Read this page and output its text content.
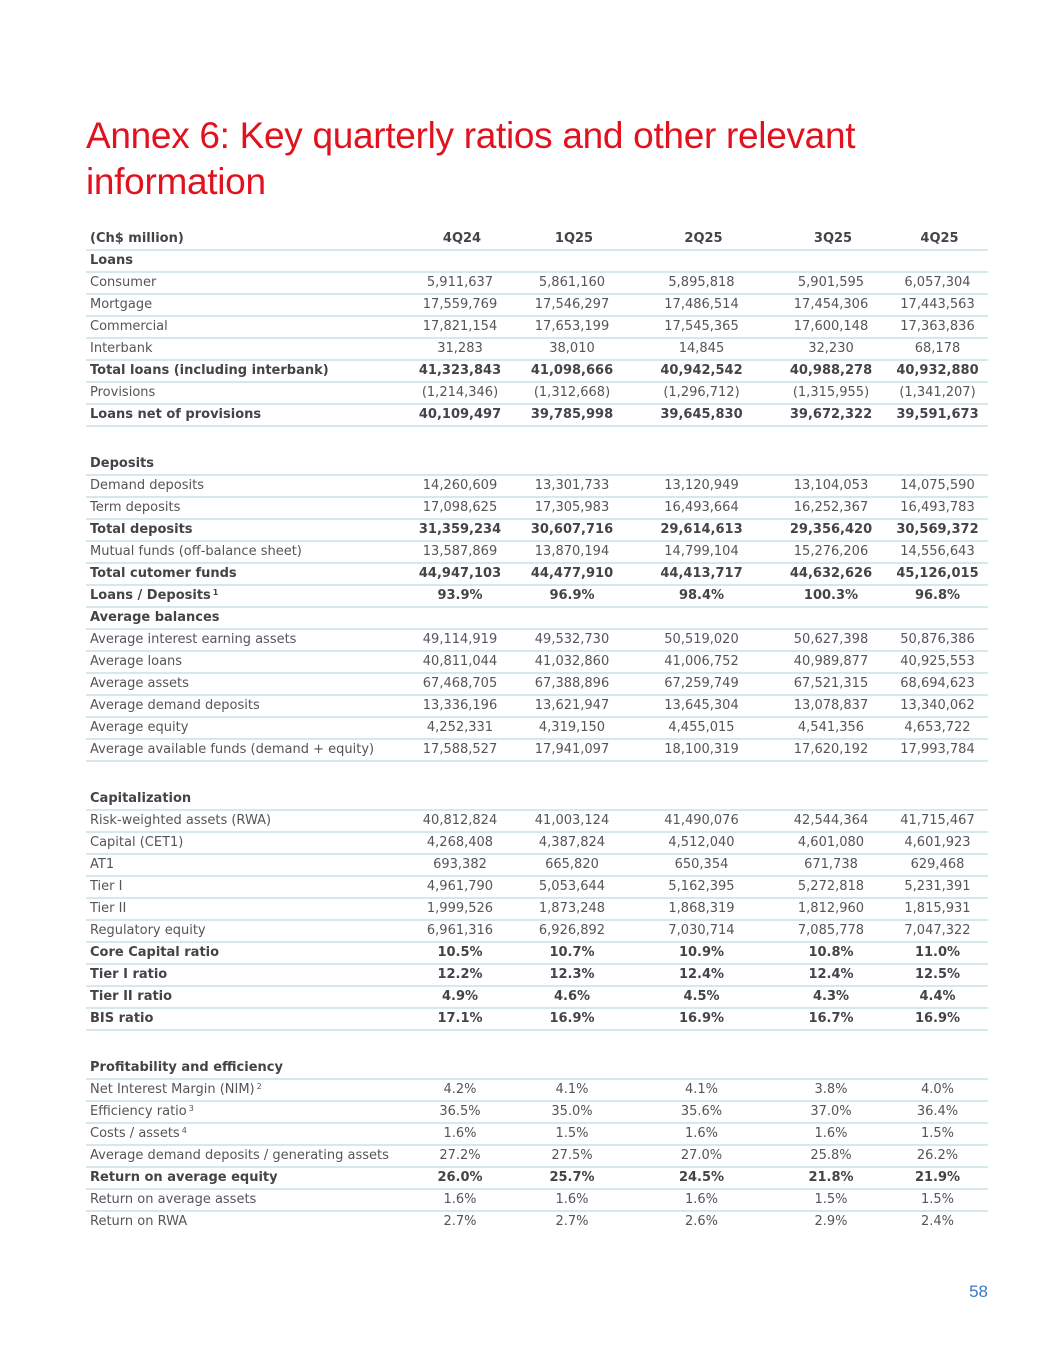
Annex 6: Key quarterly ratios and other relevant information
(Ch$ million)	4Q24	1Q25	2Q25	3Q25	4Q25
Loans					
Consumer	5,911,637	5,861,160	5,895,818	5,901,595	6,057,304
Mortgage	17,559,769	17,546,297	17,486,514	17,454,306	17,443,563
Commercial	17,821,154	17,653,199	17,545,365	17,600,148	17,363,836
Interbank	31,283	38,010	14,845	32,230	68,178
Total loans (including interbank)	41,323,843	41,098,666	40,942,542	40,988,278	40,932,880
Provisions	(1,214,346)	(1,312,668)	(1,296,712)	(1,315,955)	(1,341,207)
Loans net of provisions	40,109,497	39,785,998	39,645,830	39,672,322	39,591,673

Deposits					
Demand deposits	14,260,609	13,301,733	13,120,949	13,104,053	14,075,590
Term deposits	17,098,625	17,305,983	16,493,664	16,252,367	16,493,783
Total deposits	31,359,234	30,607,716	29,614,613	29,356,420	30,569,372
Mutual funds (off-balance sheet)	13,587,869	13,870,194	14,799,104	15,276,206	14,556,643
Total cutomer funds	44,947,103	44,477,910	44,413,717	44,632,626	45,126,015
Loans / Deposits $^1$	93.9%	96.9%	98.4%	100.3%	96.8%
Average balances					
Average interest earning assets	49,114,919	49,532,730	50,519,020	50,627,398	50,876,386
Average loans	40,811,044	41,032,860	41,006,752	40,989,877	40,925,553
Average assets	67,468,705	67,388,896	67,259,749	67,521,315	68,694,623
Average demand deposits	13,336,196	13,621,947	13,645,304	13,078,837	13,340,062
Average equity	4,252,331	4,319,150	4,455,015	4,541,356	4,653,722
Average available funds (demand + equity)	17,588,527	17,941,097	18,100,319	17,620,192	17,993,784

Capitalization					
Risk-weighted assets (RWA)	40,812,824	41,003,124	41,490,076	42,544,364	41,715,467
Capital (CET1)	4,268,408	4,387,824	4,512,040	4,601,080	4,601,923
AT1	693,382	665,820	650,354	671,738	629,468
Tier I	4,961,790	5,053,644	5,162,395	5,272,818	5,231,391
Tier II	1,999,526	1,873,248	1,868,319	1,812,960	1,815,931
Regulatory equity	6,961,316	6,926,892	7,030,714	7,085,778	7,047,322
Core Capital ratio	10.5%	10.7%	10.9%	10.8%	11.0%
Tier I ratio	12.2%	12.3%	12.4%	12.4%	12.5%
Tier II ratio	4.9%	4.6%	4.5%	4.3%	4.4%
BIS ratio	17.1%	16.9%	16.9%	16.7%	16.9%

Profitability and efficiency					
Net Interest Margin (NIM) $^2$	4.2%	4.1%	4.1%	3.8%	4.0%
Efficiency ratio $^3$	36.5%	35.0%	35.6%	37.0%	36.4%
Costs / assets $^4$	1.6%	1.5%	1.6%	1.6%	1.5%
Average demand deposits / generating assets	27.2%	27.5%	27.0%	25.8%	26.2%
Return on average equity	26.0%	25.7%	24.5%	21.8%	21.9%
Return on average assets	1.6%	1.6%	1.6%	1.5%	1.5%
Return on RWA	2.7%	2.7%	2.6%	2.9%	2.4%
58
